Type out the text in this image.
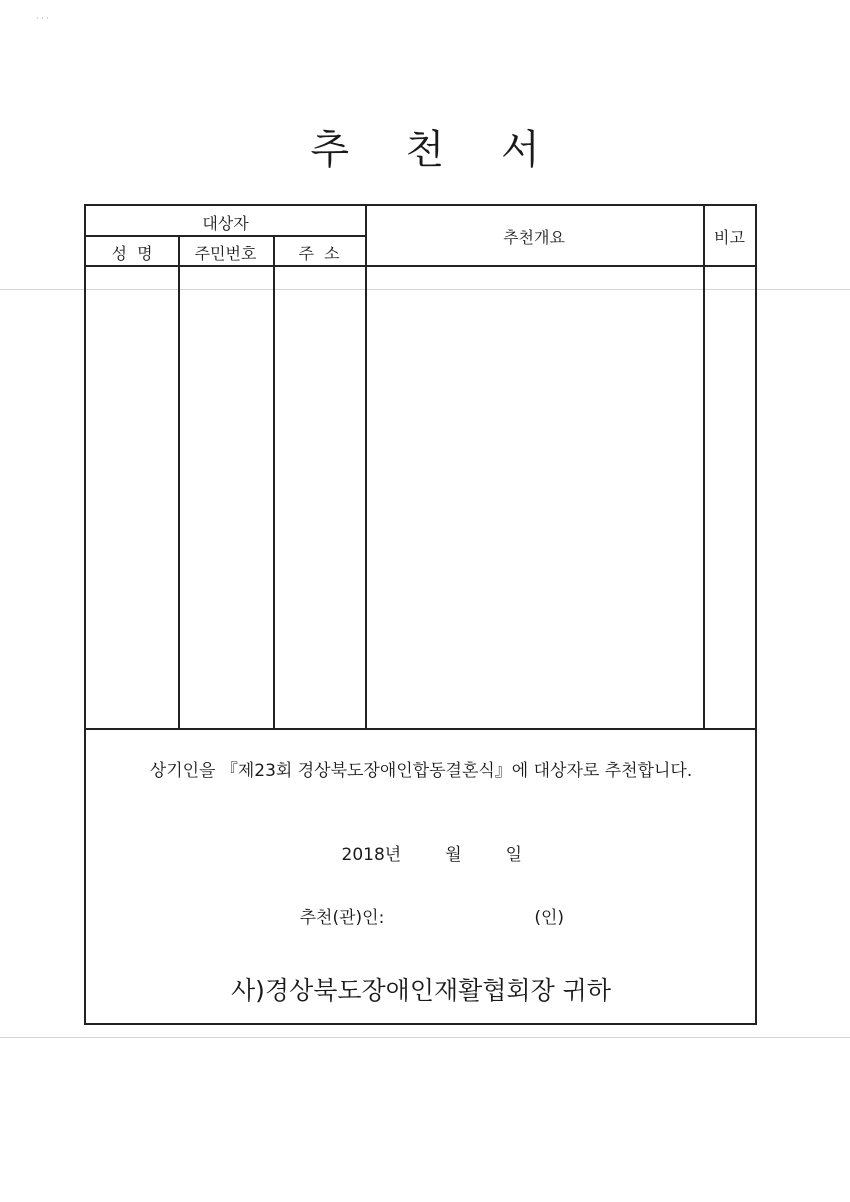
· · ·
추 천 서
대상자
성  명	주민번호	주  소
추천개요	비고
상기인을 『제23회 경상북도장애인합동결혼식』에 대상자로 추천합니다.

2018년	월	일

추천(관)인:	(인)

사)경상북도장애인재활협회장 귀하
